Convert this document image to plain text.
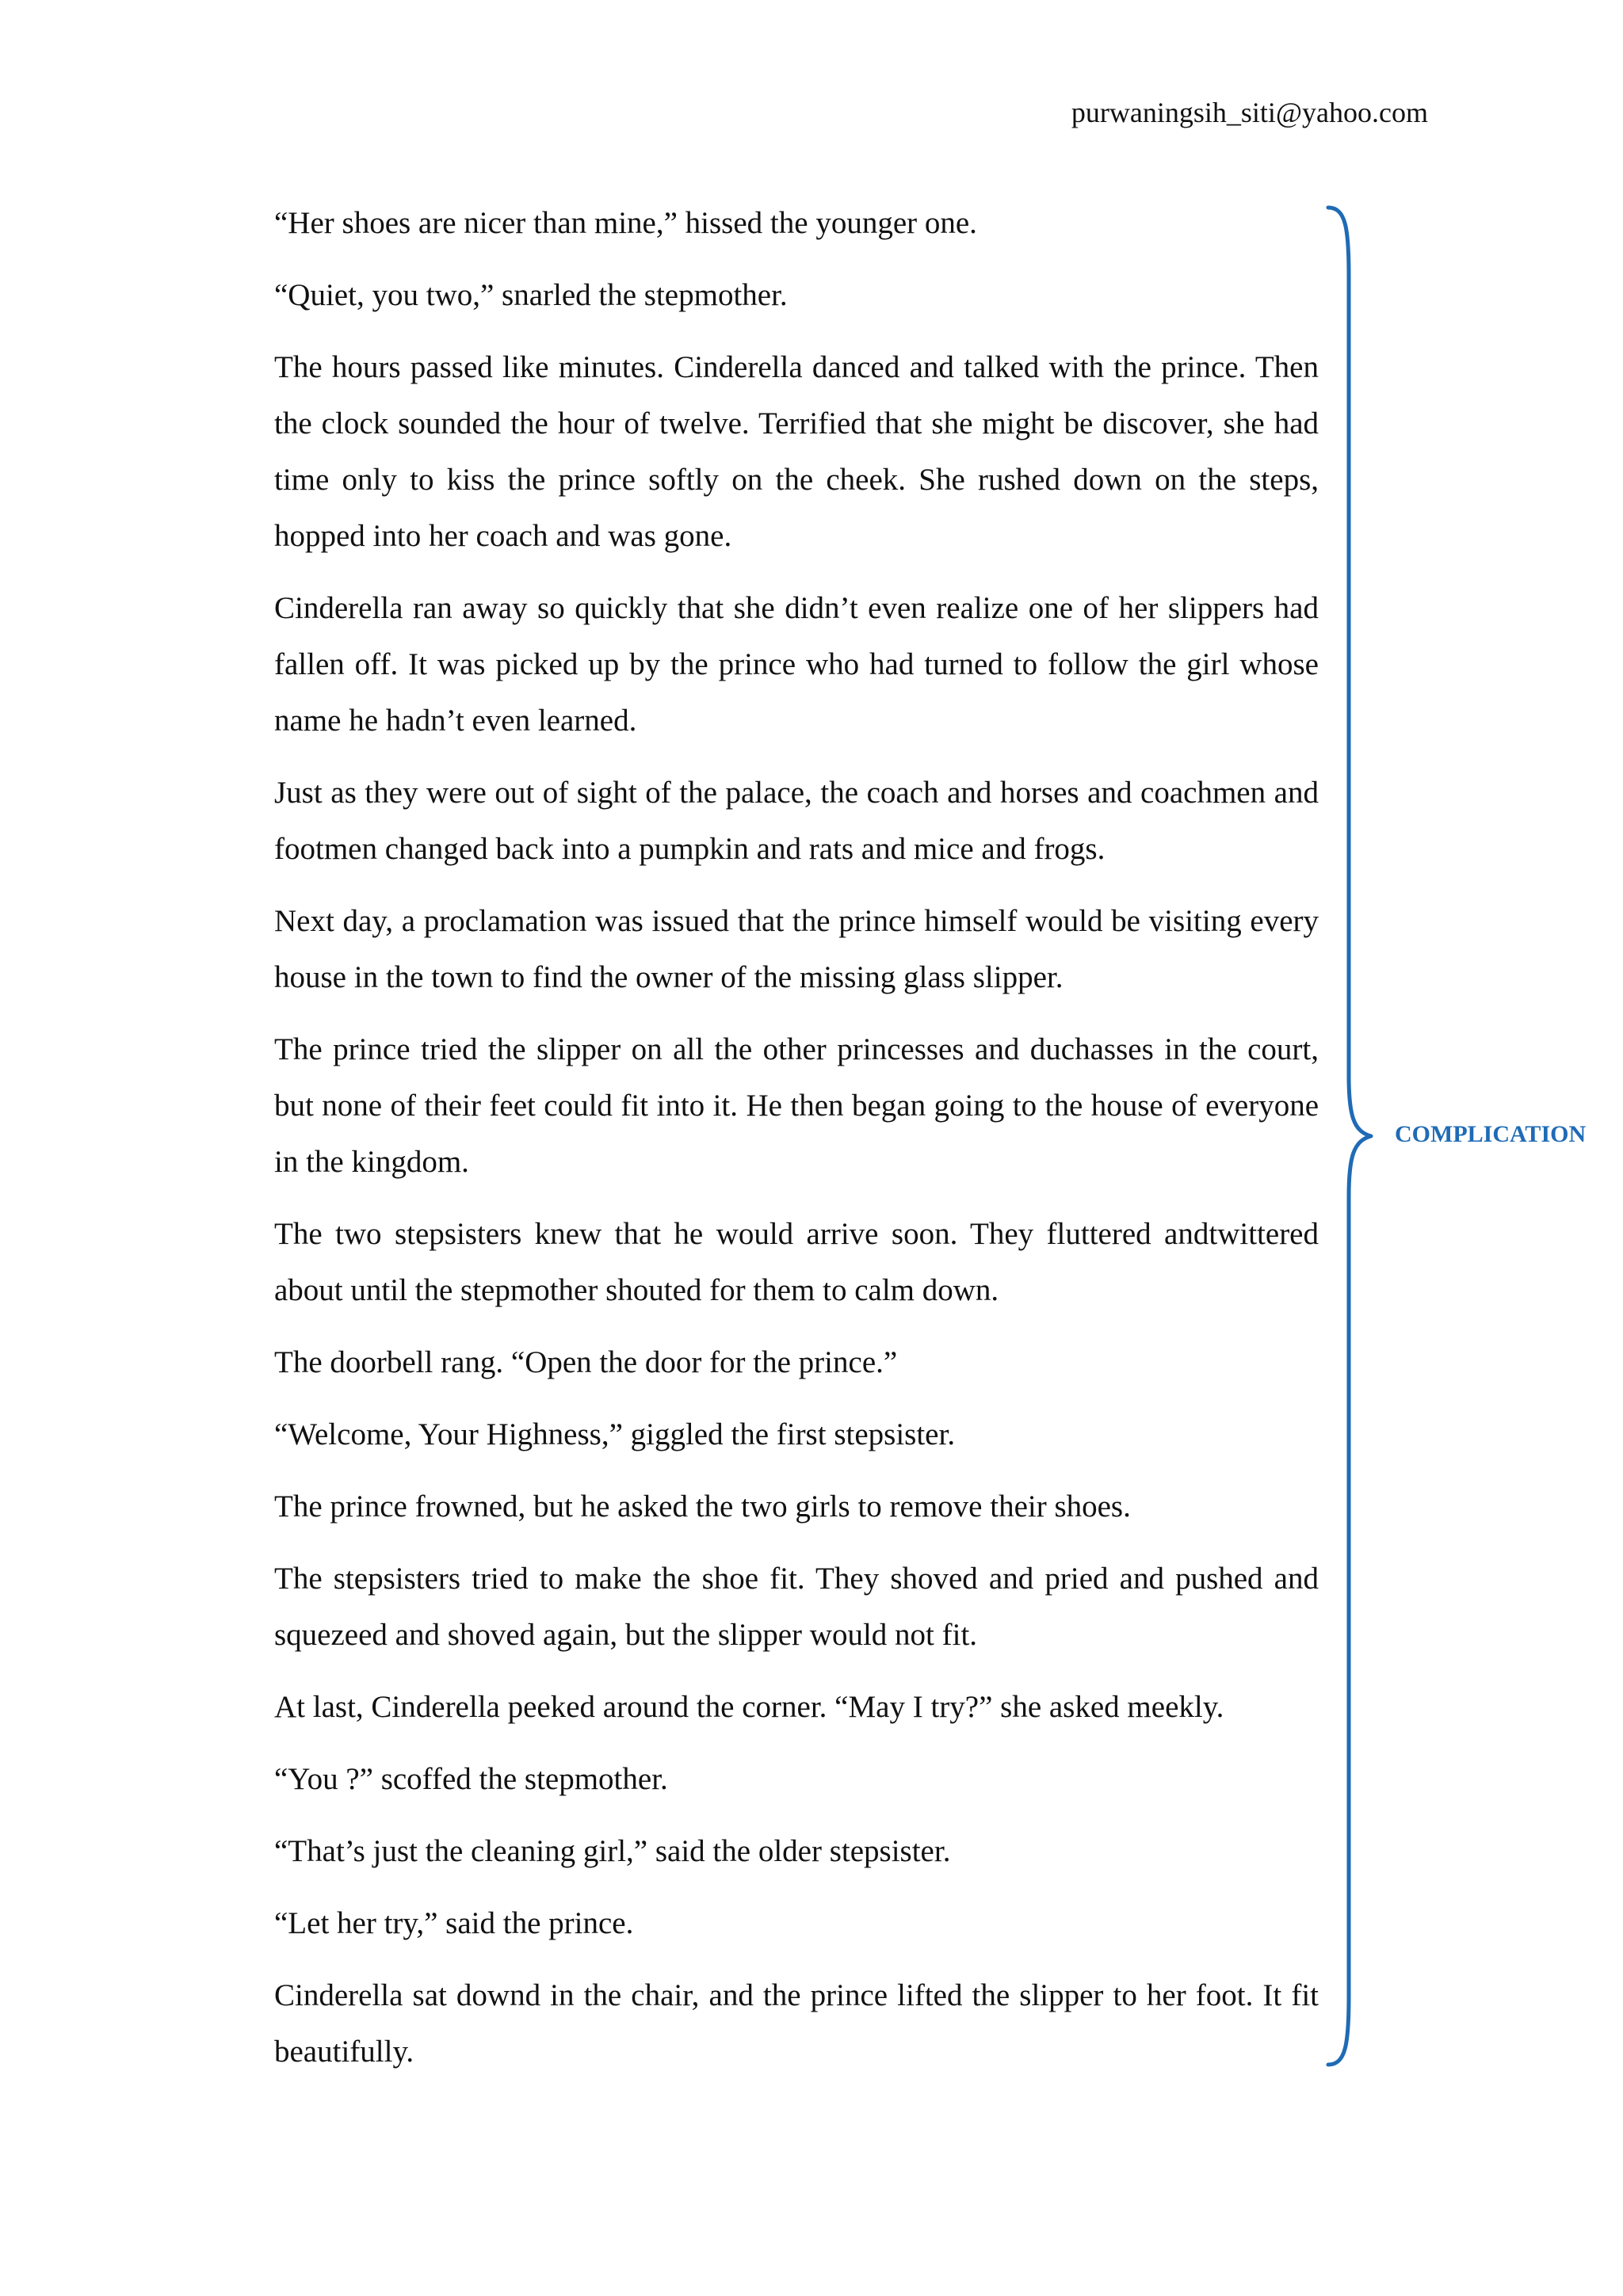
purwaningsih_siti@yahoo.com

“Her shoes are nicer than mine,” hissed the younger one.

“Quiet, you two,” snarled the stepmother.

The hours passed like minutes. Cinderella danced and talked with the prince. Then the clock sounded the hour of twelve. Terrified that she might be discover, she had time only to kiss the prince softly on the cheek. She rushed down on the steps, hopped into her coach and was gone.

Cinderella ran away so quickly that she didn’t even realize one of her slippers had fallen off. It was picked up by the prince who had turned to follow the girl whose name he hadn’t even learned.

Just as they were out of sight of the palace, the coach and horses and coachmen and footmen changed back into a pumpkin and rats and mice and frogs.

Next day, a proclamation was issued that the prince himself would be visiting every house in the town to find the owner of the missing glass slipper.

The prince tried the slipper on all the other princesses and duchasses in the court, but none of their feet could fit into it. He then began going to the house of everyone in the kingdom.

The two stepsisters knew that he would arrive soon. They fluttered andtwittered about until the stepmother shouted for them to calm down.

The doorbell rang. “Open the door for the prince.”

“Welcome, Your Highness,” giggled the first stepsister.

The prince frowned, but he asked the two girls to remove their shoes.

The stepsisters tried to make the shoe fit. They shoved and pried and pushed and squezeed and shoved again, but the slipper would not fit.

At last, Cinderella peeked around the corner. “May I try?” she asked meekly.

“You ?” scoffed the stepmother.

“That’s just the cleaning girl,” said the older stepsister.

“Let her try,” said the prince.

Cinderella sat downd in the chair, and the prince lifted the slipper to her foot. It fit beautifully.

COMPLICATION
